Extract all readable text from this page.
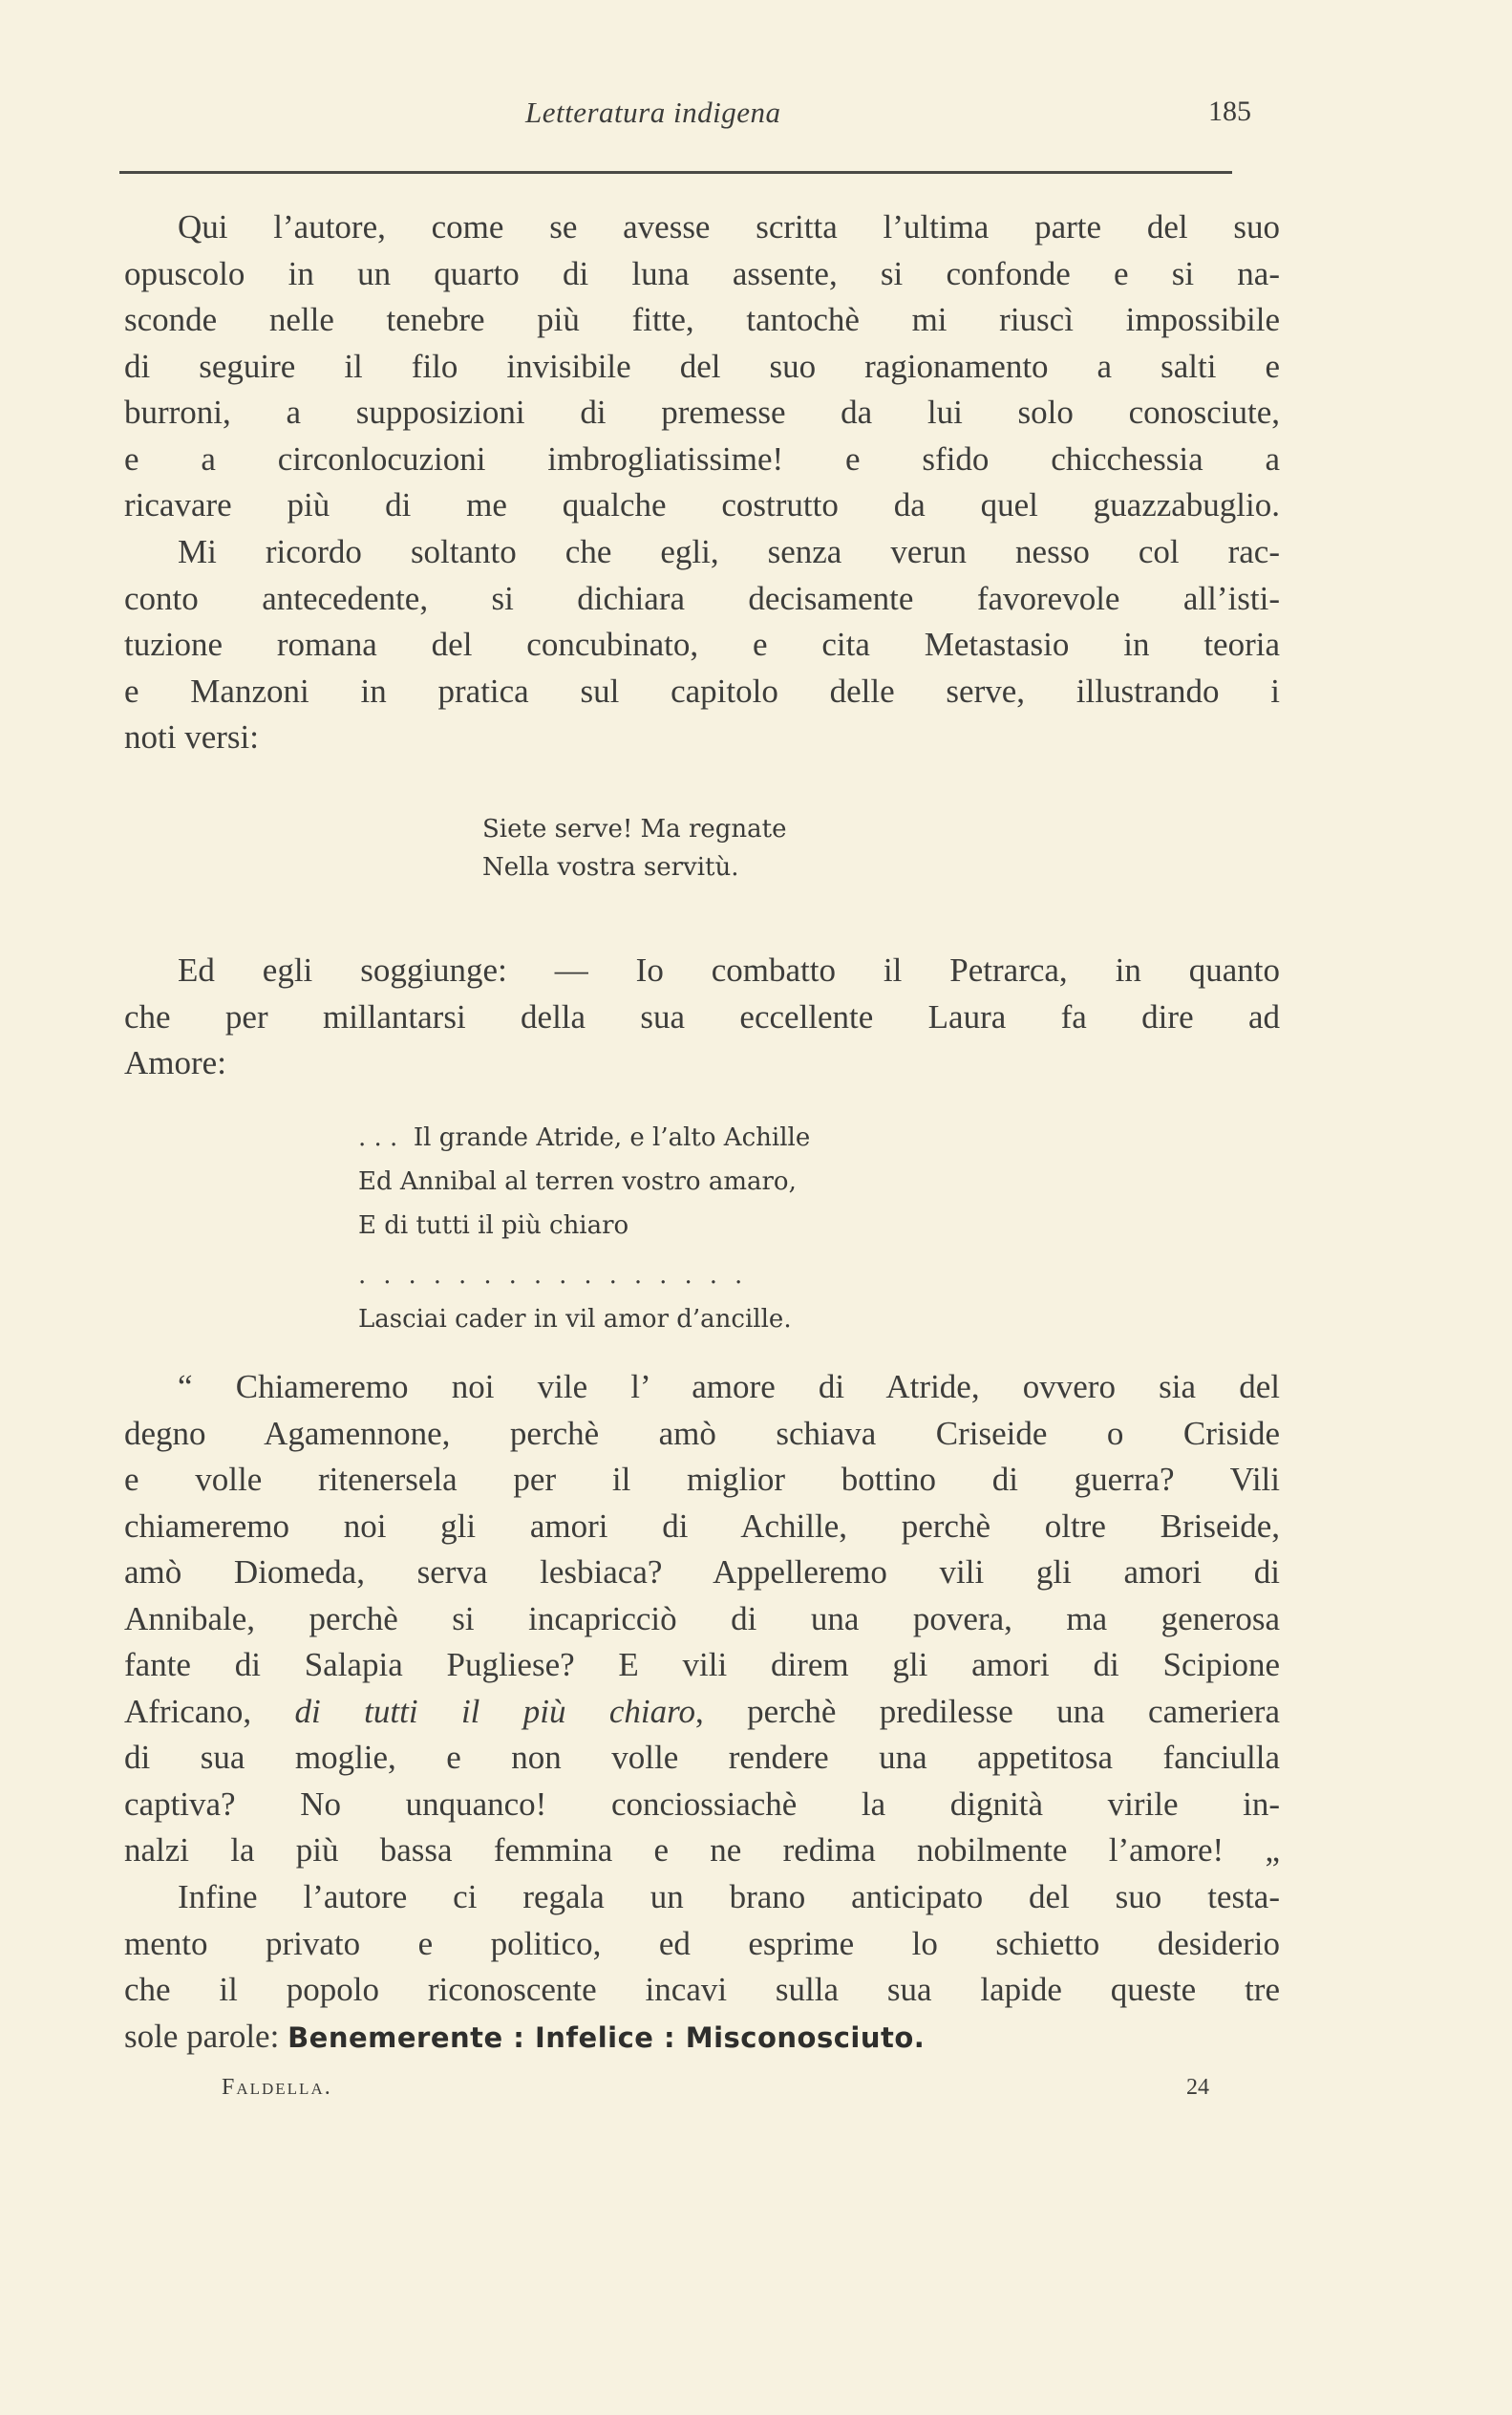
Letteratura indigena	185

Qui l’autore, come se avesse scritta l’ultima parte del suo
opuscolo in un quarto di luna assente, si confonde e si na-
sconde nelle tenebre più fitte, tantochè mi riuscì impossibile
di seguire il filo invisibile del suo ragionamento a salti e
burroni, a supposizioni di premesse da lui solo conosciute,
e a circonlocuzioni imbrogliatissime! e sfido chicchessia a
ricavare più di me qualche costrutto da quel guazzabuglio.

Mi ricordo soltanto che egli, senza verun nesso col rac-
conto antecedente, si dichiara decisamente favorevole all’isti-
tuzione romana del concubinato, e cita Metastasio in teoria
e Manzoni in pratica sul capitolo delle serve, illustrando i
noti versi:

Siete serve! Ma regnate
Nella vostra servitù.

Ed egli soggiunge: — Io combatto il Petrarca, in quanto
che per millantarsi della sua eccellente Laura fa dire ad
Amore:

. . .  Il grande Atride, e l’alto Achille
Ed Annibal al terren vostro amaro,
E di tutti il più chiaro
................
Lasciai cader in vil amor d’ancille.

“ Chiameremo noi vile l’ amore di Atride, ovvero sia del
degno Agamennone, perchè amò schiava Criseide o Criside
e volle ritenersela per il miglior bottino di guerra? Vili
chiameremo noi gli amori di Achille, perchè oltre Briseide,
amò Diomeda, serva lesbiaca? Appelleremo vili gli amori di
Annibale, perchè si incapricciò di una povera, ma generosa
fante di Salapia Pugliese? E vili direm gli amori di Scipione
Africano, di tutti il più chiaro, perchè predilesse una cameriera
di sua moglie, e non volle rendere una appetitosa fanciulla
captiva? No unquanco! conciossiachè la dignità virile in-
nalzi la più bassa femmina e ne redima nobilmente l’amore! „

Infine l’autore ci regala un brano anticipato del suo testa-
mento privato e politico, ed esprime lo schietto desiderio
che il popolo riconoscente incavi sulla sua lapide queste tre
sole parole: Benemerente : Infelice : Misconosciuto.

Faldella.	24
